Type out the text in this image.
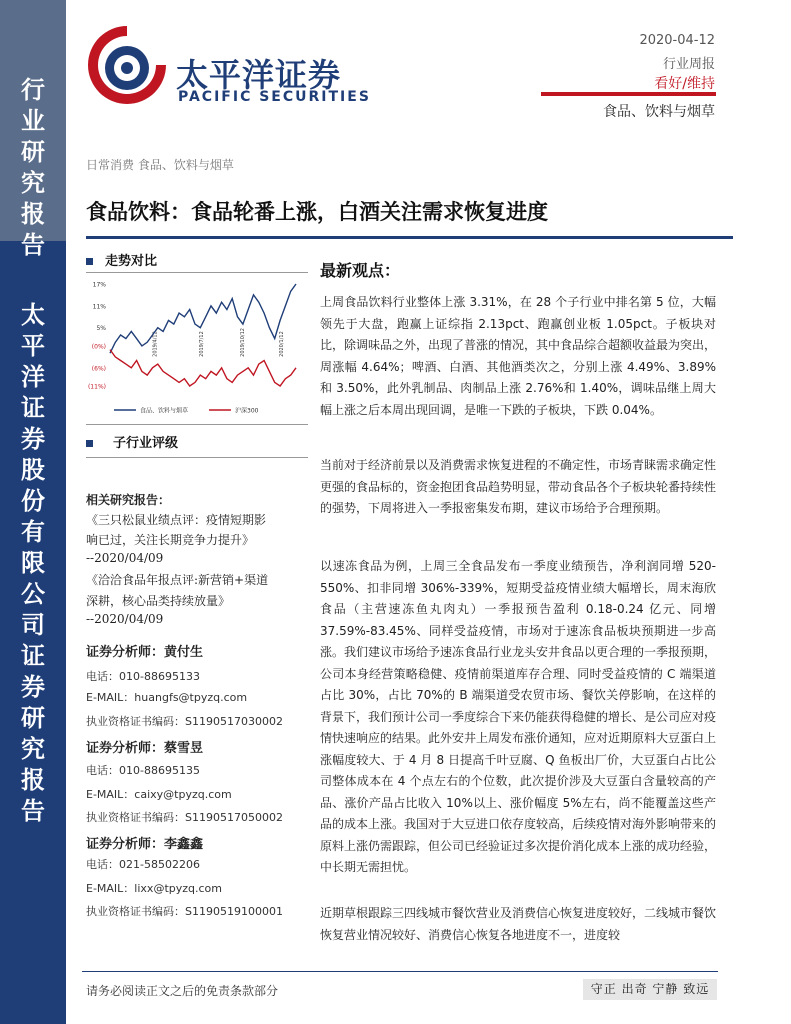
行
业
研
究
报
告
太
平
洋
证
券
股
份
有
限
公
司
证
券
研
究
报
告
太平洋证券
PACIFIC SECURITIES
2020-04-12
行业周报
看好/维持
食品、饮料与烟草
日常消费 食品、饮料与烟草
食品饮料：食品轮番上涨，白酒关注需求恢复进度
走势对比
17%
11%
5%
(0%)
(6%)
(11%)
2019/4/12	2019/7/12	2019/10/12	2020/1/12
食品、饮料与烟草	沪深300
子行业评级
相关研究报告：
《三只松鼠业绩点评：疫情短期影
响已过，关注长期竞争力提升》
--2020/04/09
《洽洽食品年报点评:新营销+渠道
深耕，核心品类持续放量》
--2020/04/09
证券分析师：黄付生
电话：010-88695133
E-MAIL：huangfs@tpyzq.com
执业资格证书编码：S1190517030002
证券分析师：蔡雪昱
电话：010-88695135
E-MAIL：caixy@tpyzq.com
执业资格证书编码：S1190517050002
证券分析师：李鑫鑫
电话：021-58502206
E-MAIL：lixx@tpyzq.com
执业资格证书编码：S1190519100001
最新观点：

上周食品饮料行业整体上涨 3.31%，在 28 个子行业中排名第 5 位，大幅领先于大盘，跑赢上证综指 2.13pct、跑赢创业板 1.05pct。子板块对比，除调味品之外，出现了普涨的情况，其中食品综合超额收益最为突出，周涨幅 4.64%；啤酒、白酒、其他酒类次之，分别上涨 4.49%、3.89%和 3.50%，此外乳制品、肉制品上涨 2.76%和 1.40%，调味品继上周大幅上涨之后本周出现回调，是唯一下跌的子板块，下跌 0.04%。

当前对于经济前景以及消费需求恢复进程的不确定性，市场青睐需求确定性更强的食品标的，资金抱团食品趋势明显，带动食品各个子板块轮番持续性的强势，下周将进入一季报密集发布期，建议市场给予合理预期。

以速冻食品为例，上周三全食品发布一季度业绩预告，净利润同增 520-550%、扣非同增 306%-339%，短期受益疫情业绩大幅增长，周末海欣食品（主营速冻鱼丸肉丸）一季报预告盈利 0.18-0.24 亿元、同增 37.59%-83.45%、同样受益疫情，市场对于速冻食品板块预期进一步高涨。我们建议市场给予速冻食品行业龙头安井食品以更合理的一季报预期，公司本身经营策略稳健、疫情前渠道库存合理、同时受益疫情的 C 端渠道占比 30%，占比 70%的 B 端渠道受农贸市场、餐饮关停影响，在这样的背景下，我们预计公司一季度综合下来仍能获得稳健的增长、是公司应对疫情快速响应的结果。此外安井上周发布涨价通知，应对近期原料大豆蛋白上涨幅度较大、于 4 月 8 日提高千叶豆腐、Q 鱼板出厂价，大豆蛋白占比公司整体成本在 4 个点左右的个位数，此次提价涉及大豆蛋白含量较高的产品、涨价产品占比收入 10%以上、涨价幅度 5%左右，尚不能覆盖这些产品的成本上涨。我国对于大豆进口依存度较高，后续疫情对海外影响带来的原料上涨仍需跟踪，但公司已经验证过多次提价消化成本上涨的成功经验，中长期无需担忧。

近期草根跟踪三四线城市餐饮营业及消费信心恢复进度较好，二线城市餐饮恢复营业情况较好、消费信心恢复各地进度不一，进度较

请务必阅读正文之后的免责条款部分	守正 出奇 宁静 致远
